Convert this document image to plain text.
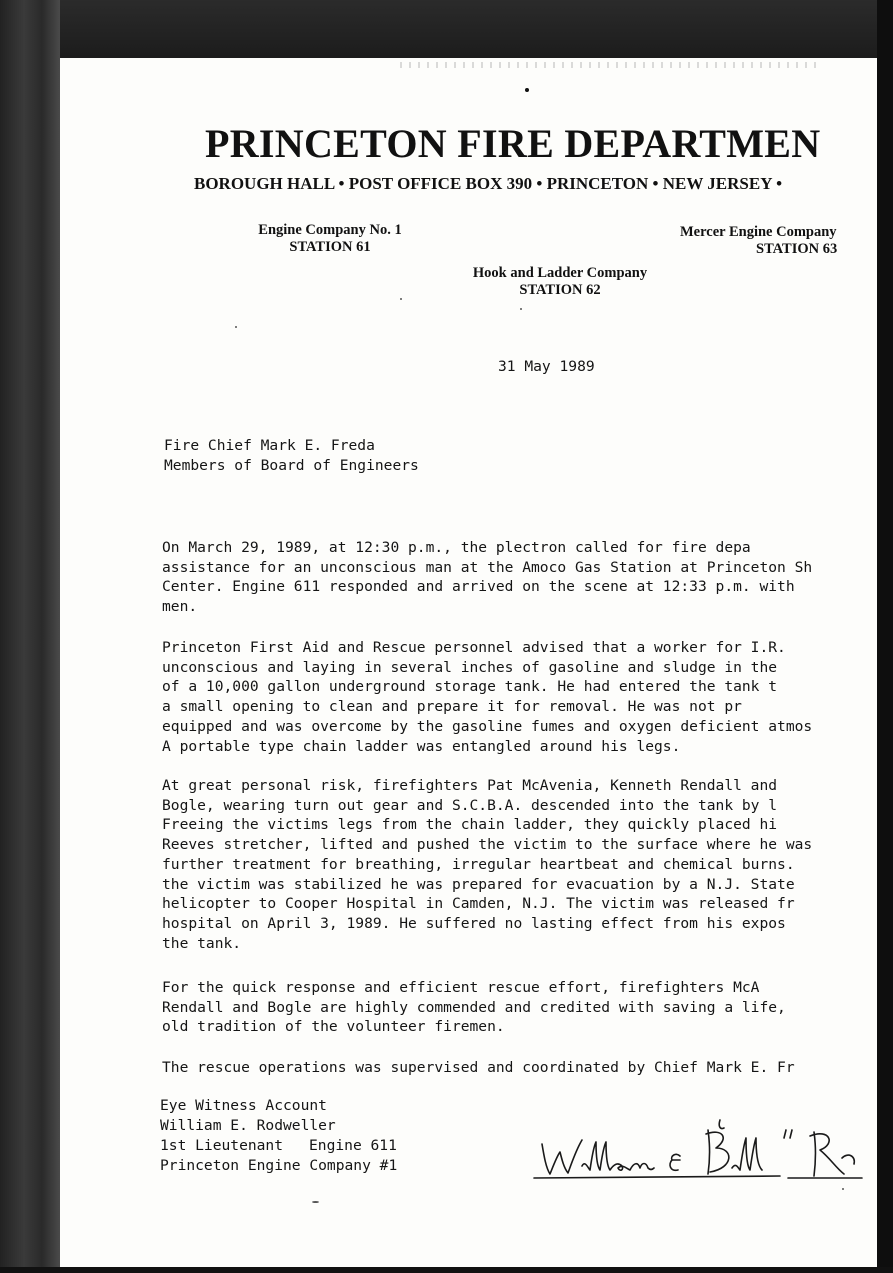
PRINCETON FIRE DEPARTMEN
BOROUGH HALL • POST OFFICE BOX 390 • PRINCETON • NEW JERSEY •
Engine Company No. 1
STATION 61
Hook and Ladder Company
STATION 62
Mercer Engine Company
STATION 63
31 May 1989
Fire Chief Mark E. Freda
Members of Board of Engineers
On March 29, 1989, at 12:30 p.m., the plectron called for fire depa
assistance for an unconscious man at the Amoco Gas Station at Princeton Sh
Center. Engine 611 responded and arrived on the scene at 12:33 p.m. with
men.
Princeton First Aid and Rescue personnel advised that a worker for I.R.
unconscious and laying in several inches of gasoline and sludge in the
of a 10,000 gallon underground storage tank. He had entered the tank t
a small opening to clean and prepare it for removal. He was not pr
equipped and was overcome by the gasoline fumes and oxygen deficient atmos
A portable type chain ladder was entangled around his legs.
At great personal risk, firefighters Pat McAvenia, Kenneth Rendall and
Bogle, wearing turn out gear and S.C.B.A. descended into the tank by l
Freeing the victims legs from the chain ladder, they quickly placed hi
Reeves stretcher, lifted and pushed the victim to the surface where he was
further treatment for breathing, irregular heartbeat and chemical burns.
the victim was stabilized he was prepared for evacuation by a N.J. State
helicopter to Cooper Hospital in Camden, N.J. The victim was released fr
hospital on April 3, 1989. He suffered no lasting effect from his expos
the tank.
For the quick response and efficient rescue effort, firefighters McA
Rendall and Bogle are highly commended and credited with saving a life,
old tradition of the volunteer firemen.
The rescue operations was supervised and coordinated by Chief Mark E. Fr
Eye Witness Account
William E. Rodweller
1st Lieutenant Engine 611
Princeton Engine Company #1
